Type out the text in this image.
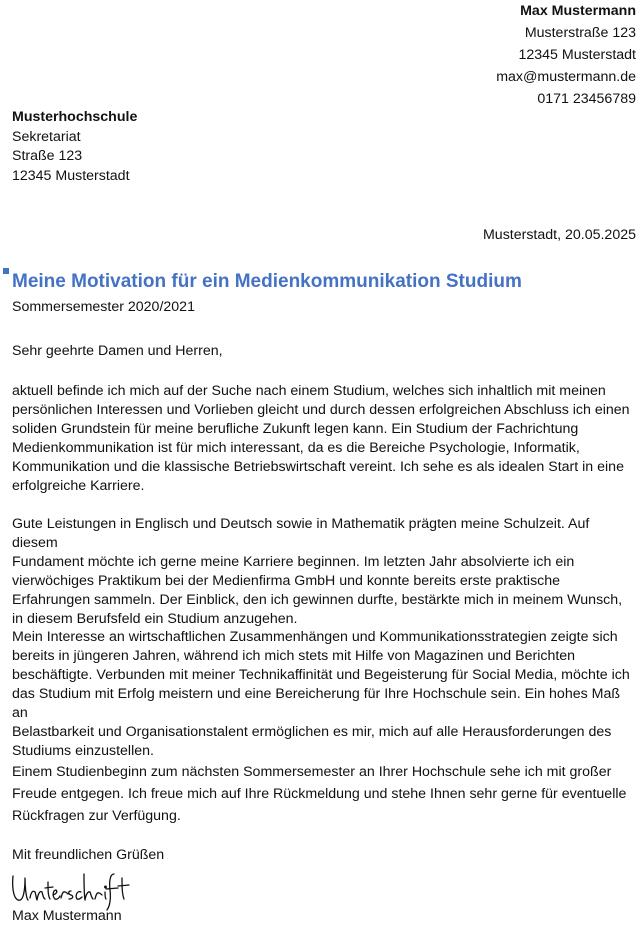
Max Mustermann
Musterstraße 123
12345 Musterstadt
max@mustermann.de
0171 23456789
Musterhochschule
Sekretariat
Straße 123
12345 Musterstadt
Musterstadt, 20.05.2025
Meine Motivation für ein Medienkommunikation Studium
Sommersemester 2020/2021
Sehr geehrte Damen und Herren,
aktuell befinde ich mich auf der Suche nach einem Studium, welches sich inhaltlich mit meinen
persönlichen Interessen und Vorlieben gleicht und durch dessen erfolgreichen Abschluss ich einen
soliden Grundstein für meine berufliche Zukunft legen kann. Ein Studium der Fachrichtung
Medienkommunikation ist für mich interessant, da es die Bereiche Psychologie, Informatik,
Kommunikation und die klassische Betriebswirtschaft vereint. Ich sehe es als idealen Start in eine
erfolgreiche Karriere.
Gute Leistungen in Englisch und Deutsch sowie in Mathematik prägten meine Schulzeit. Auf diesem
Fundament möchte ich gerne meine Karriere beginnen. Im letzten Jahr absolvierte ich ein
vierwöchiges Praktikum bei der Medienfirma GmbH und konnte bereits erste praktische
Erfahrungen sammeln. Der Einblick, den ich gewinnen durfte, bestärkte mich in meinem Wunsch,
in diesem Berufsfeld ein Studium anzugehen.
Mein Interesse an wirtschaftlichen Zusammenhängen und Kommunikationsstrategien zeigte sich
bereits in jüngeren Jahren, während ich mich stets mit Hilfe von Magazinen und Berichten
beschäftigte. Verbunden mit meiner Technikaffinität und Begeisterung für Social Media, möchte ich
das Studium mit Erfolg meistern und eine Bereicherung für Ihre Hochschule sein. Ein hohes Maß an
Belastbarkeit und Organisationstalent ermöglichen es mir, mich auf alle Herausforderungen des
Studiums einzustellen.
Einem Studienbeginn zum nächsten Sommersemester an Ihrer Hochschule sehe ich mit großer
Freude entgegen. Ich freue mich auf Ihre Rückmeldung und stehe Ihnen sehr gerne für eventuelle
Rückfragen zur Verfügung.
Mit freundlichen Grüßen
Max Mustermann
